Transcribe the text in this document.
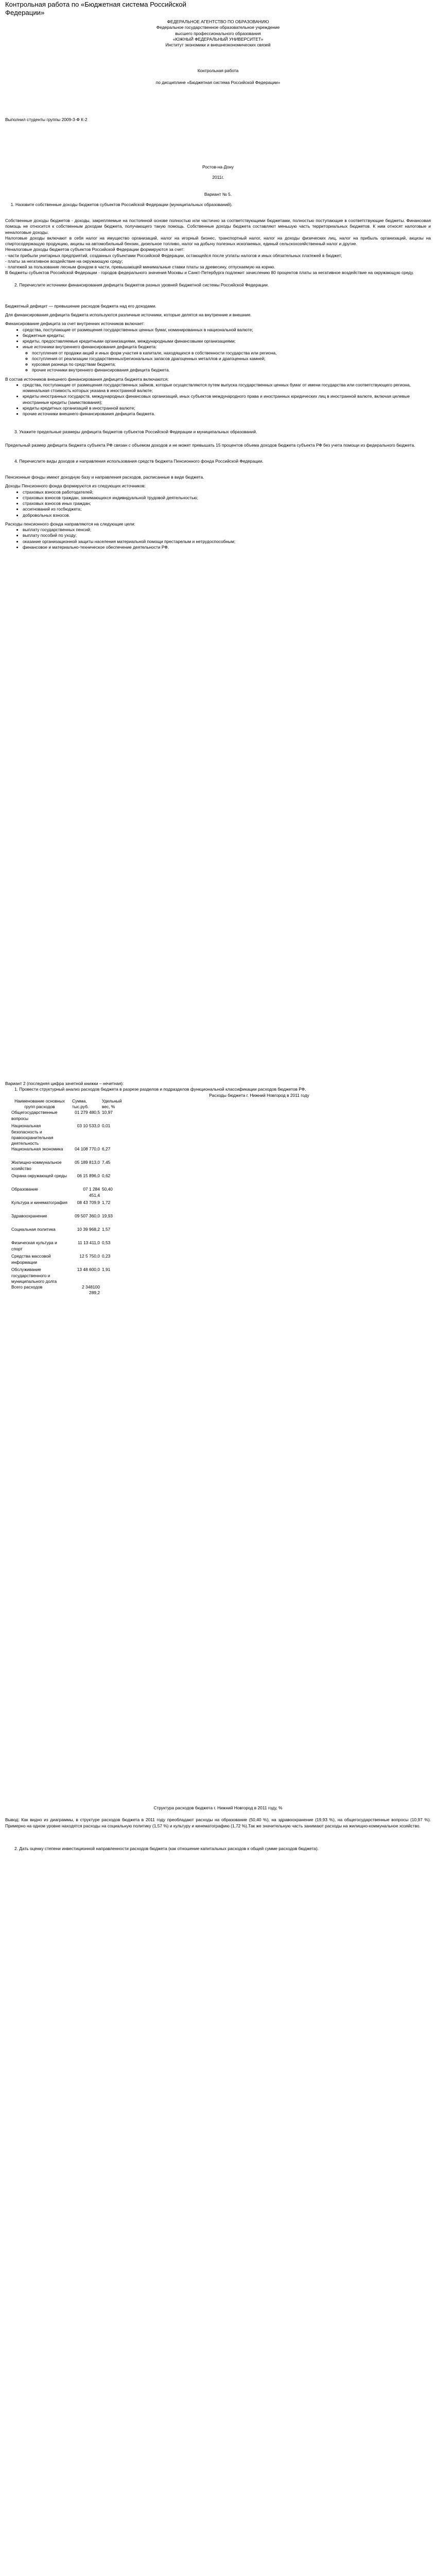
Контрольная работа по «Бюджетная система Российской Федерации»

ФЕДЕРАЛЬНОЕ АГЕНТСТВО ПО ОБРАЗОВАНИЮ

Федеральное государственное образовательное учреждение

высшего профессионального образования

«ЮЖНЫЙ ФЕДЕРАЛЬНЫЙ УНИВЕРСИТЕТ»

Институт экономики и внешнеэкономических связей

Контрольная работа

по дисциплине «Бюджетная система Российской Федерации»

Выполнил студенты группы 2009-3-Ф К-2

Ростов-на-Дону

2011г.

Вариант № 5.

1. Назовите собственные доходы бюджетов субъектов Российской Федерации (муниципальных образований).

Собственные доходы бюджетов - доходы, закрепляемые на постоянной основе полностью или частично за соответствующими бюджетами, полностью поступающие в соответствующие бюджеты. Финансовая помощь не относится к собственным доходам бюджета, получающего такую помощь. Собственные доходы бюджета составляют меньшую часть территориальных бюджетов. К ним относят налоговые и неналоговые доходы.

Налоговые доходы включают в себя налог на имущество организаций, налог на игорный бизнес, транспортный налог, налог на доходы физических лиц, налог на прибыль организаций, акцизы на спиртосодержащую продукцию, акцизы на автомобильный бензин, дизельное топливо, налог на добычу полезных ископаемых, единый сельскохозяйственный налог и другие.

Неналоговые доходы бюджетов субъектов Российской Федерации формируются за счет:

- части прибыли унитарных предприятий, созданных субъектами Российской Федерации, остающейся после уплаты налогов и иных обязательных платежей в бюджет;

- платы за негативное воздействие на окружающую среду;

- платежей за пользование лесным фондом в части, превышающей минимальные ставки платы за древесину, отпускаемую на корню.

В бюджеты субъектов Российской Федерации - городов федерального значения Москвы и Санкт-Петербурга подлежит зачислению 80 процентов платы за негативное воздействие на окружающую среду.

2. Перечислите источники финансирования дефицита бюджетов разных уровней бюджетной системы Российской Федерации.

Бюджетный дефицит — превышение расходов бюджета над его доходами.

Для финансирования дефицита бюджета используются различные источники, которые делятся на внутренние и внешние.

Финансирование дефицита за счет внутренних источников включает:

• средства, поступающие от размещения государственных ценных бумаг, номинированных в национальной валюте;
• бюджетные кредиты;
• кредиты, предоставляемые кредитными организациями, международными финансовыми организациями;
• иные источники внутреннего финансирования дефицита бюджета:
◦ поступления от продажи акций и иных форм участия в капитале, находящихся в собственности государства или региона,
◦ поступления от реализации государственных/региональных запасов драгоценных металлов и драгоценных камней;
◦ курсовая разница по средствам бюджета;
◦ прочие источники внутреннего финансирования дефицита бюджета.

В состав источников внешнего финансирования дефицита бюджета включаются:

• средства, поступающие от размещения государственных займов, которые осуществляются путем выпуска государственных ценных бумаг от имени государства или соответствующего региона, номинальная стоимость которых указана в иностранной валюте;
• кредиты иностранных государств, международных финансовых организаций, иных субъектов международного права и иностранных юридических лиц в иностранной валюте, включая целевые иностранные кредиты (заимствования);
• кредиты кредитных организаций в иностранной валюте;
• прочие источники внешнего финансирования дефицита бюджета.

3. Укажите предельные размеры дефицита бюджетов субъектов Российской Федерации и муниципальных образований.

Предельный размер дефицита бюджета субъекта РФ связан с объемом доходов и не может превышать 15 процентов объема доходов бюджета субъекта РФ без учета помощи из федерального бюджета.

4. Перечислите виды доходов и направления использования средств бюджета Пенсионного фонда Российской Федерации.

Пенсионные фонды имеют доходную базу и направления расходов, расписанные в виде бюджета.

Доходы Пенсионного фонда формируются из следующих источников:

• страховых взносов работодателей;
• страховых взносов граждан, занимающихся индивидуальной трудовой деятельностью;
• страховых взносов иных граждан;
• ассигнований из госбюджета;
• добровольных взносов.

Расходы пенсионного фонда направляются на следующие цели:

• выплату государственных пенсий;
• выплату пособий по уходу;
• оказание организационной защиты населения материальной помощи престарелым и нетрудоспособным;
• финансовое и материально-техническое обеспечение деятельности РФ.

Вариант 2 (последняя цифра зачетной книжки – нечетная):

1. Провести структурный анализ расходов бюджета в разрезе разделов и подразделов функциональной классификации расходов бюджетов РФ.

Расходы бюджета г. Нижний Новгород в 2011 году

Наименование основных групп расходов	Сумма, тыс.руб.	Удельный вес, %
Общегосударственные вопросы	01 279 480,5	10,97
Национальная безопасность и правоохранительная деятельность	03 10 533,0	0,01
Национальная экономика	04 108 770,0	6,27
Жилищно-коммунальное хозяйство	05 189 813,0	7,45
Охрана окружающей среды	06 15 896,0	0,62
Образование	07 1 284 451,4	50,40
Культура и кинематография	08 43 709,9	1,72
Здравоохранение	09 507 360,0	19,93
Социальная политика	10 39 968,2	1,57
Физическая культура и спорт	11 13 411,0	0,53
Средства массовой информации	12 5 750,0	0,23
Обслуживание государственного и муниципального долга	13 48 600,0	1,91
Всего расходов	2 348100 289,2	

Структура расходов бюджета г. Нижний Новгород в 2011 году, %

Вывод: Как видно из диаграммы, в структуре расходов бюджета в 2011 году преобладают расходы на образование (50,40 %), на здравоохранение (19,93 %), на общегосударственные вопросы (10,97 %). Примерно на одном уровне находятся расходы на социальную политику (1,57 %) и культуру и кинематографию (1,72 %).Так же значительную часть занимают расходы на жилищно-коммунальное хозяйство.

2. Дать оценку степени инвестиционной направленности расходов бюджета (как отношение капитальных расходов к общей сумме расходов бюджета).
